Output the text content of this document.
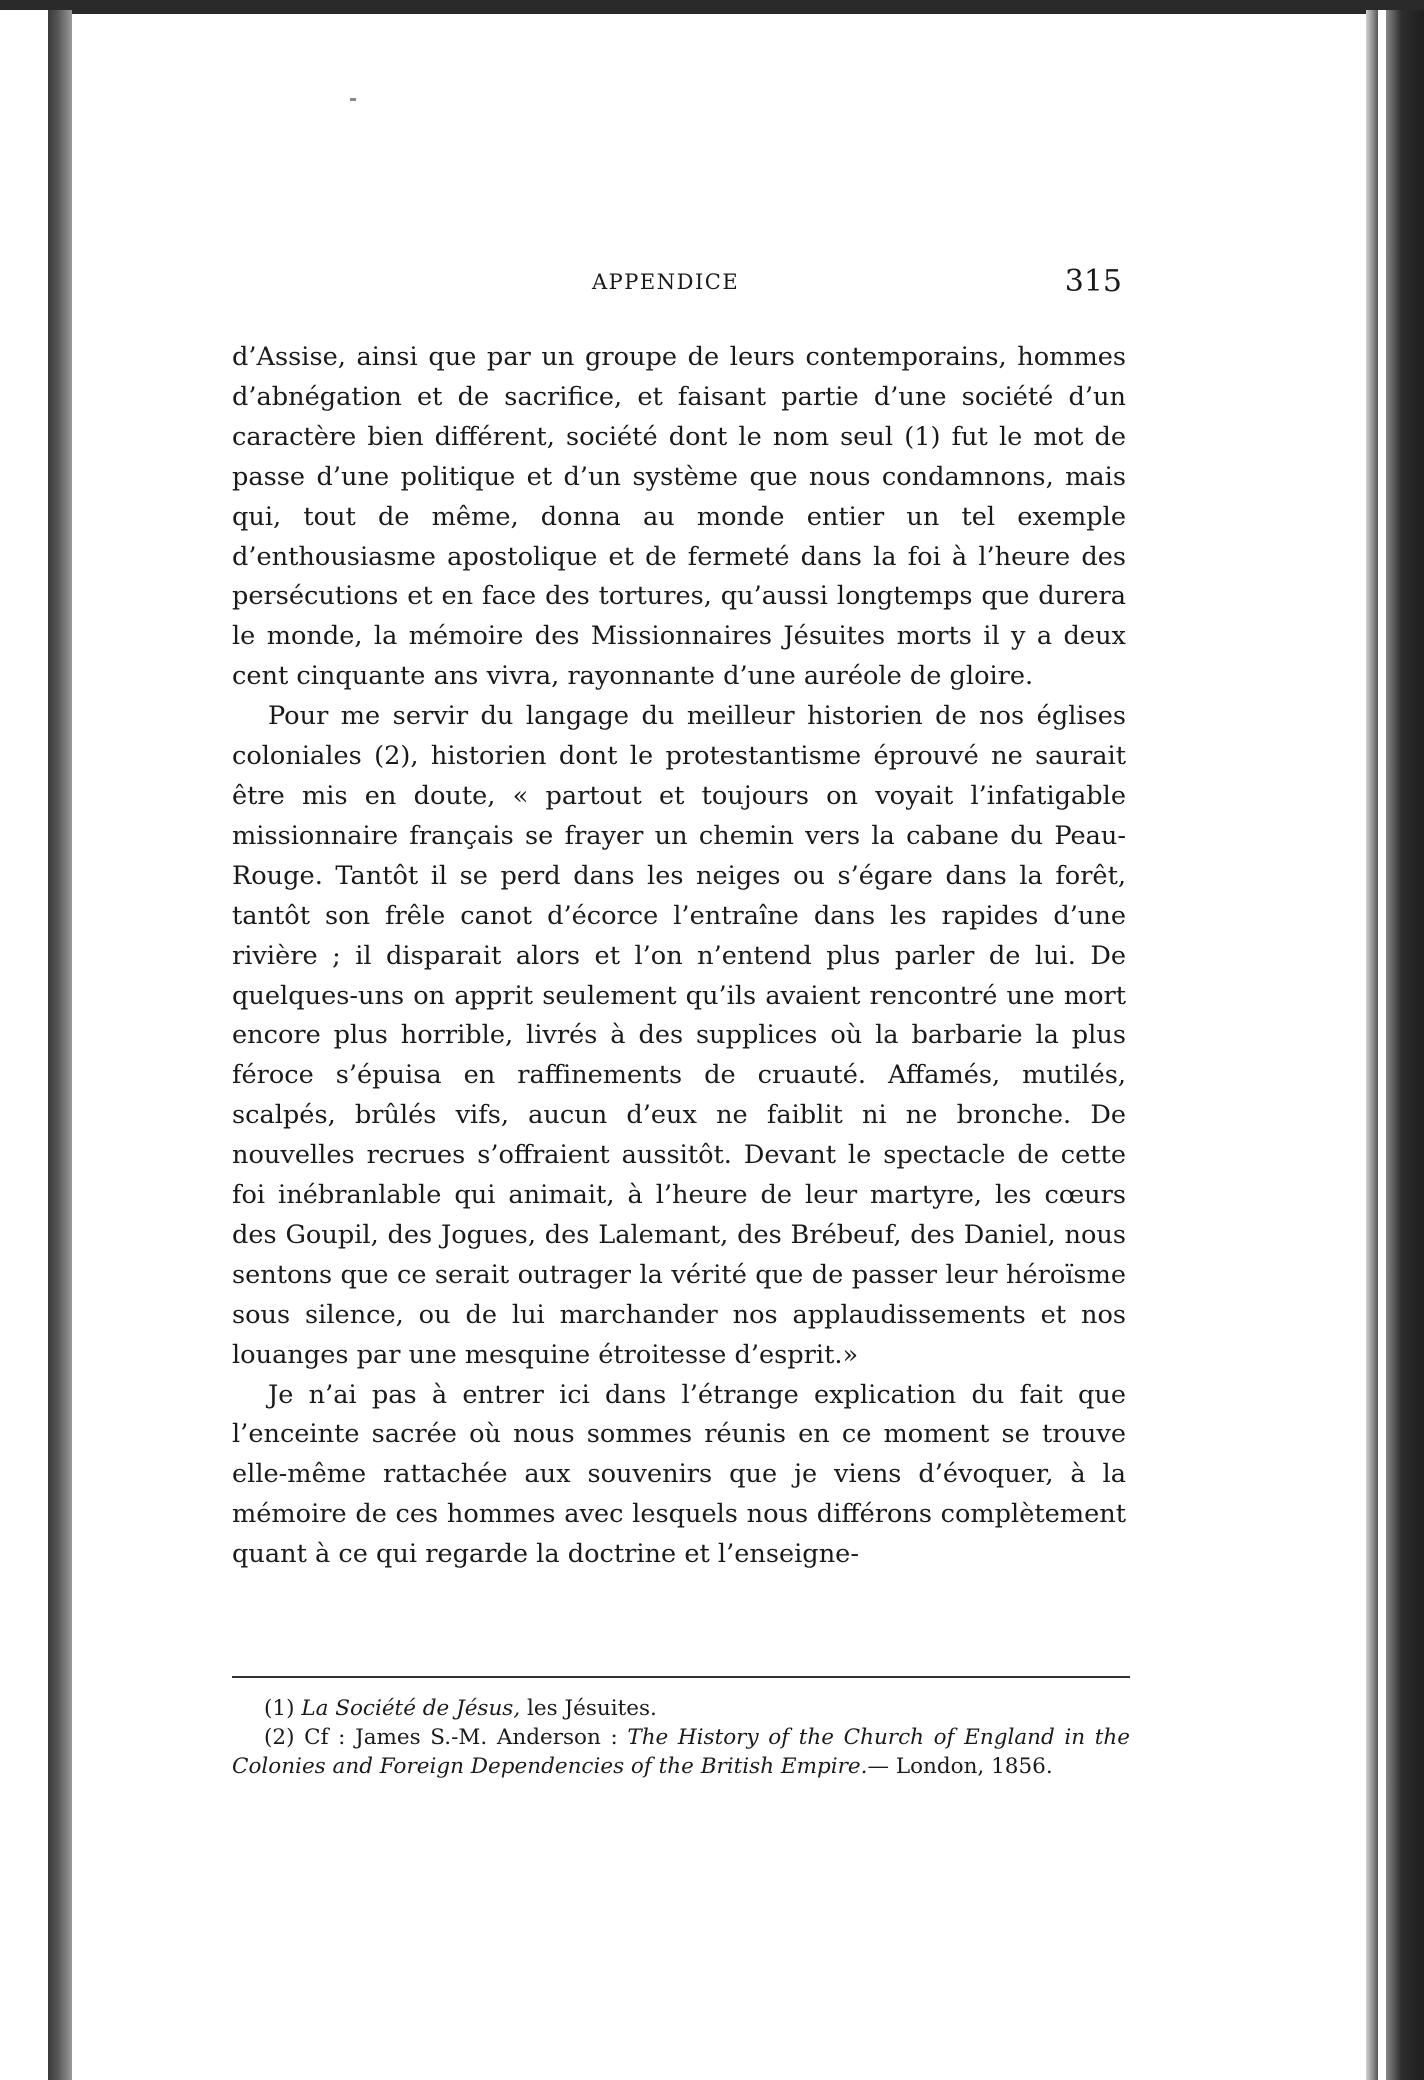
APPENDICE	315

d’Assise, ainsi que par un groupe de leurs contemporains, hommes d’abnégation et de sacrifice, et faisant partie d’une société d’un caractère bien différent, société dont le nom seul (1) fut le mot de passe d’une politique et d’un système que nous condamnons, mais qui, tout de même, donna au monde entier un tel exemple d’enthousiasme apostolique et de fermeté dans la foi à l’heure des persécutions et en face des tortures, qu’aussi longtemps que durera le monde, la mémoire des Missionnaires Jésuites morts il y a deux cent cinquante ans vivra, rayonnante d’une auréole de gloire.

Pour me servir du langage du meilleur historien de nos églises coloniales (2), historien dont le protestantisme éprouvé ne saurait être mis en doute, « partout et toujours on voyait l’infatigable missionnaire français se frayer un chemin vers la cabane du Peau-Rouge. Tantôt il se perd dans les neiges ou s’égare dans la forêt, tantôt son frêle canot d’écorce l’entraîne dans les rapides d’une rivière ; il disparait alors et l’on n’entend plus parler de lui. De quelques-uns on apprit seulement qu’ils avaient rencontré une mort encore plus horrible, livrés à des supplices où la barbarie la plus féroce s’épuisa en raffinements de cruauté. Affamés, mutilés, scalpés, brûlés vifs, aucun d’eux ne faiblit ni ne bronche. De nouvelles recrues s’offraient aussitôt. Devant le spectacle de cette foi inébranlable qui animait, à l’heure de leur martyre, les cœurs des Goupil, des Jogues, des Lalemant, des Brébeuf, des Daniel, nous sentons que ce serait outrager la vérité que de passer leur héroïsme sous silence, ou de lui marchander nos applaudissements et nos louanges par une mesquine étroitesse d’esprit.»

Je n’ai pas à entrer ici dans l’étrange explication du fait que l’enceinte sacrée où nous sommes réunis en ce moment se trouve elle-même rattachée aux souvenirs que je viens d’évoquer, à la mémoire de ces hommes avec lesquels nous différons complètement quant à ce qui regarde la doctrine et l’enseigne-

(1) La Société de Jésus, les Jésuites.

(2) Cf : James S.-M. Anderson : The History of the Church of England in the Colonies and Foreign Dependencies of the British Empire.— London, 1856.
